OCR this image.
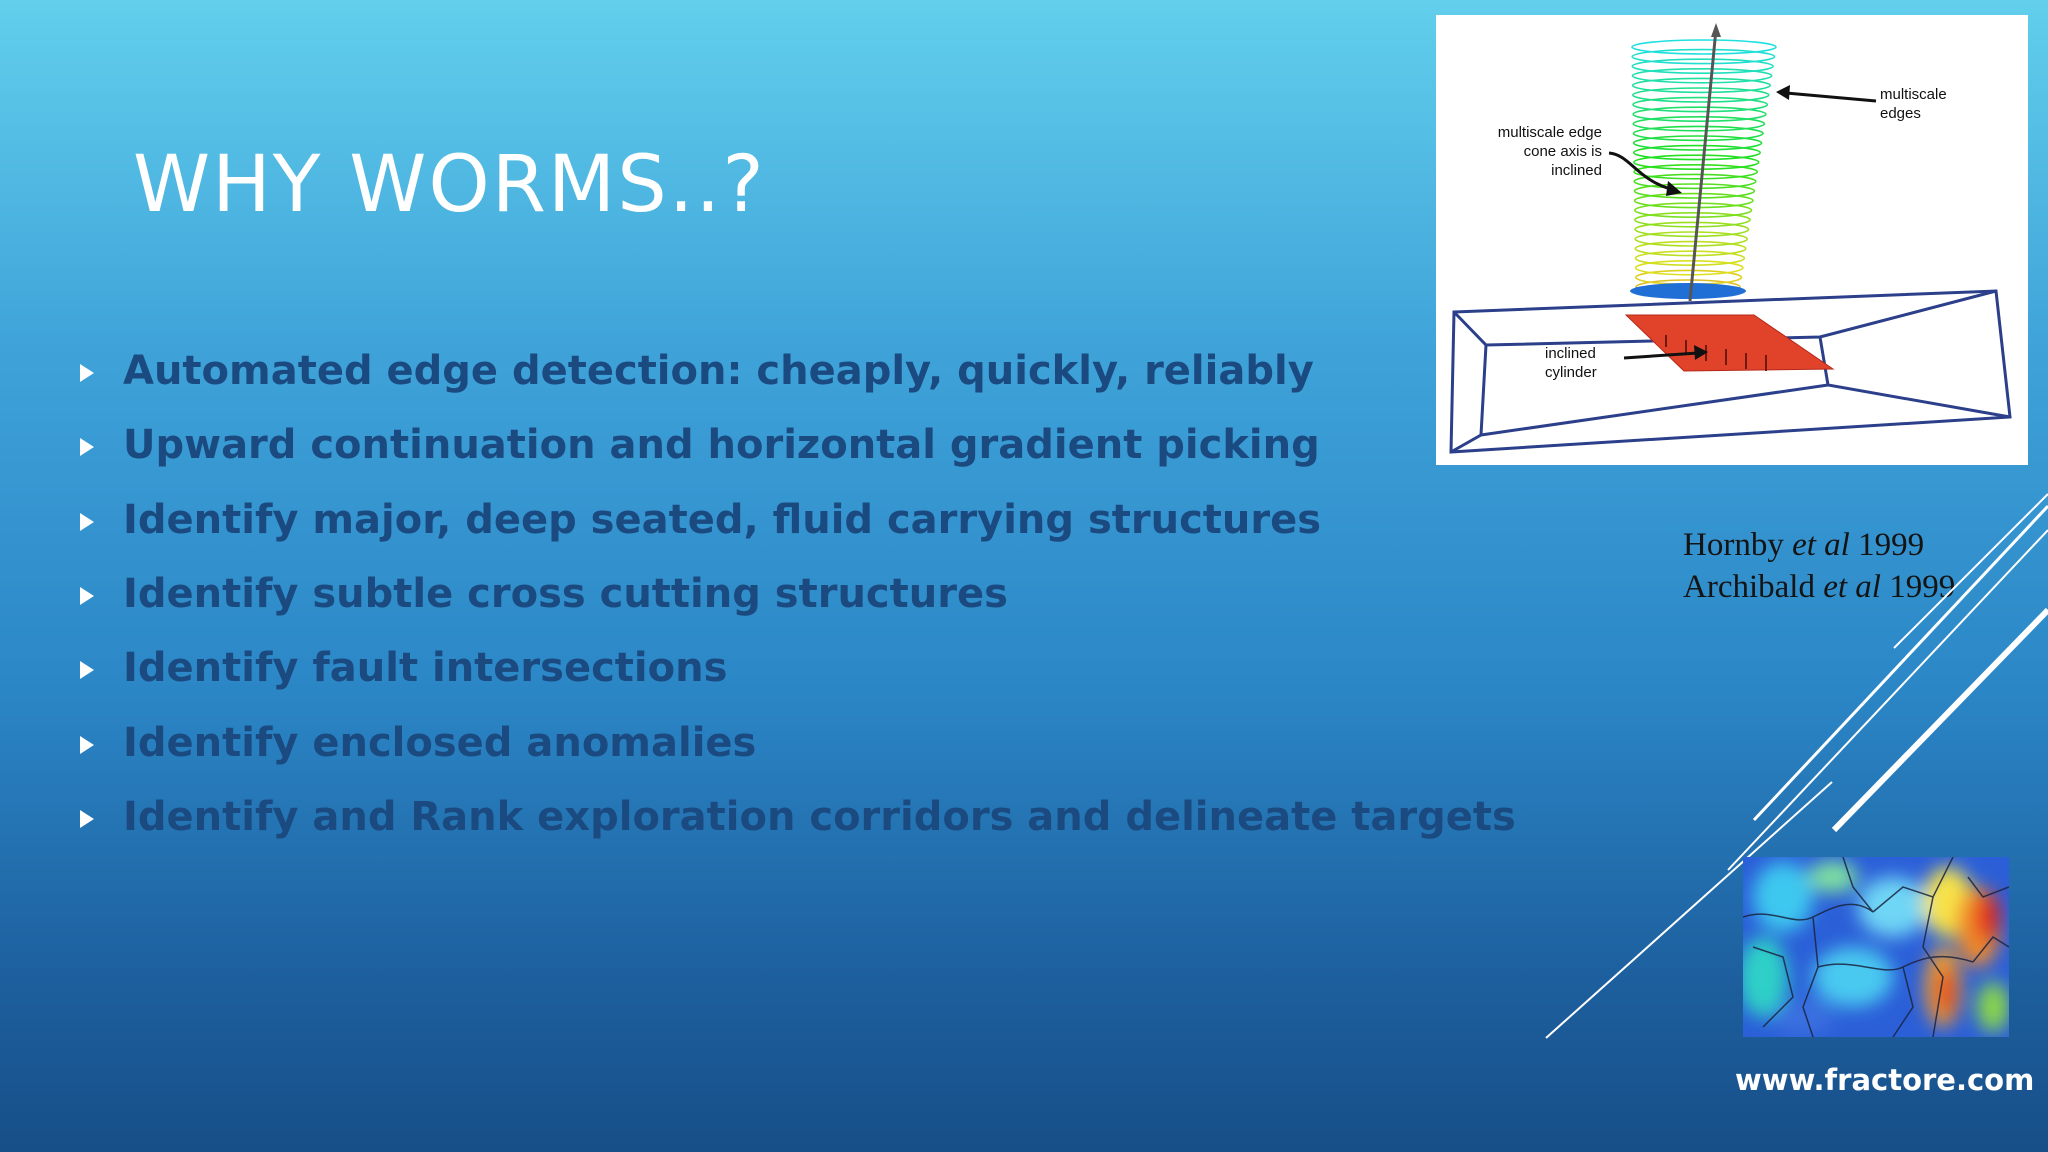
WHY WORMS..?
Automated edge detection: cheaply, quickly, reliably
Upward continuation and horizontal gradient picking
Identify major, deep seated, fluid carrying structures
Identify subtle cross cutting structures
Identify fault intersections
Identify enclosed anomalies
Identify and Rank exploration corridors and delineate targets
multiscale edge
cone axis is
inclined
multiscale
edges
inclined
cylinder
Hornby et al 1999
Archibald et al 1999
www.fractore.com
